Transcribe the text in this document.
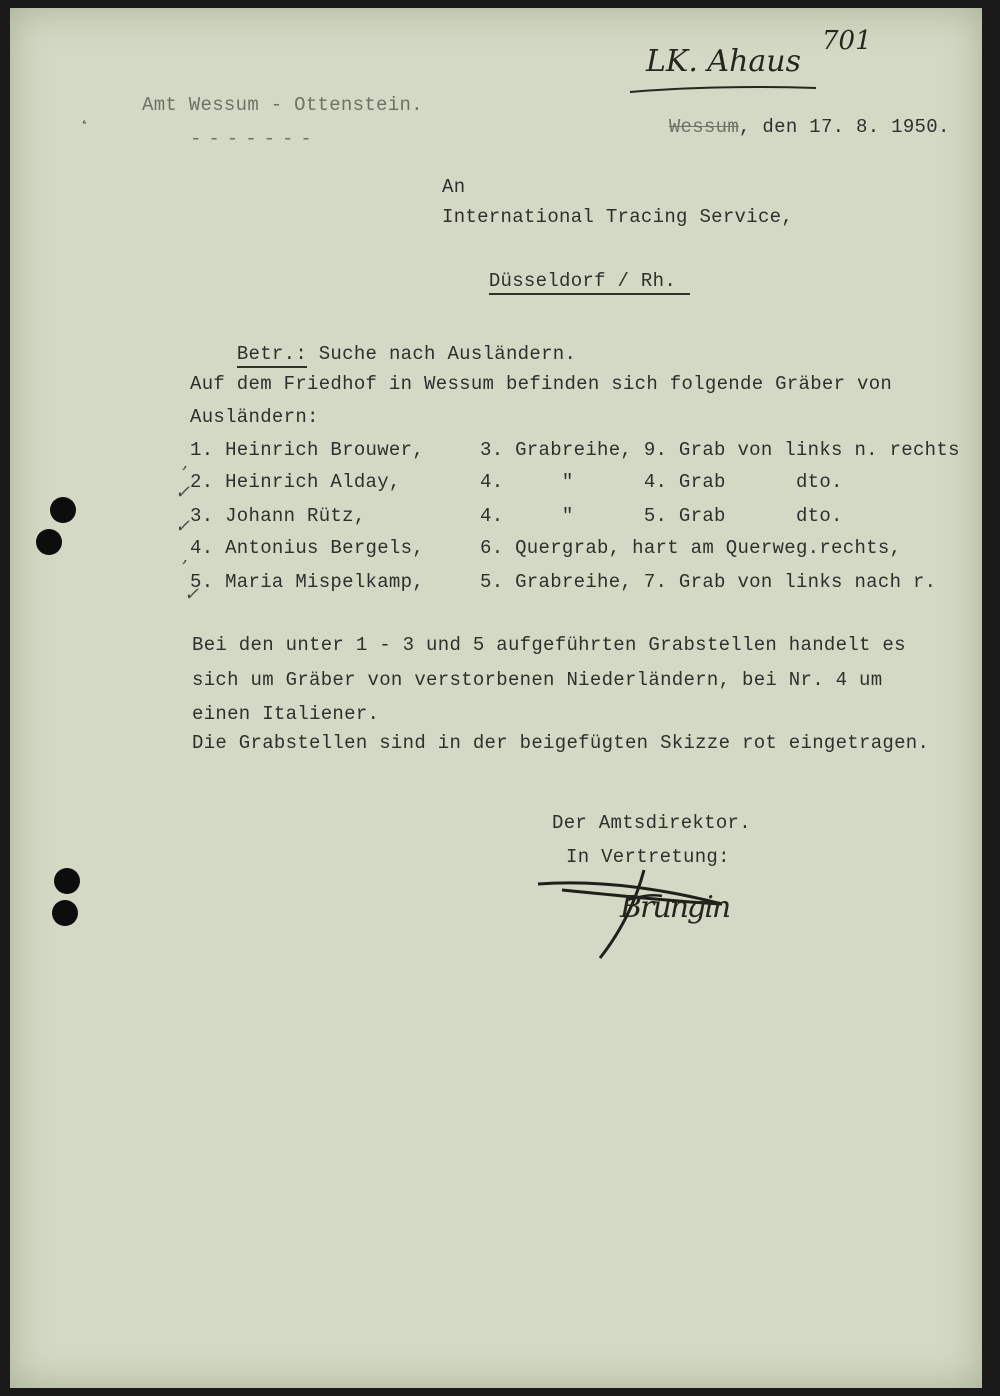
LK. Ahaus
701
Amt Wessum - Ottenstein.
-------

Wessum, den 17. 8. 1950.

An
International Tracing Service,

Düsseldorf / Rh.

Betr.: Suche nach Ausländern.

Auf dem Friedhof in Wessum befinden sich folgende Gräber von
Ausländern:
1. Heinrich Brouwer,	3. Grabreihe, 9. Grab von links n. rechts
2. Heinrich Alday,	4.     "      4. Grab      dto.
3. Johann Rütz,	4.     "      5. Grab      dto.
4. Antonius Bergels,	6. Quergrab, hart am Querweg.rechts,
5. Maria Mispelkamp,	5. Grabreihe, 7. Grab von links nach r.
,
✓
✓
,
✓
Bei den unter 1 - 3 und 5 aufgeführten Grabstellen handelt es
sich um Gräber von verstorbenen Niederländern, bei Nr. 4 um
einen Italiener.
Die Grabstellen sind in der beigefügten Skizze rot eingetragen.
Der Amtsdirektor.
In Vertretung:
Brungin
˛
